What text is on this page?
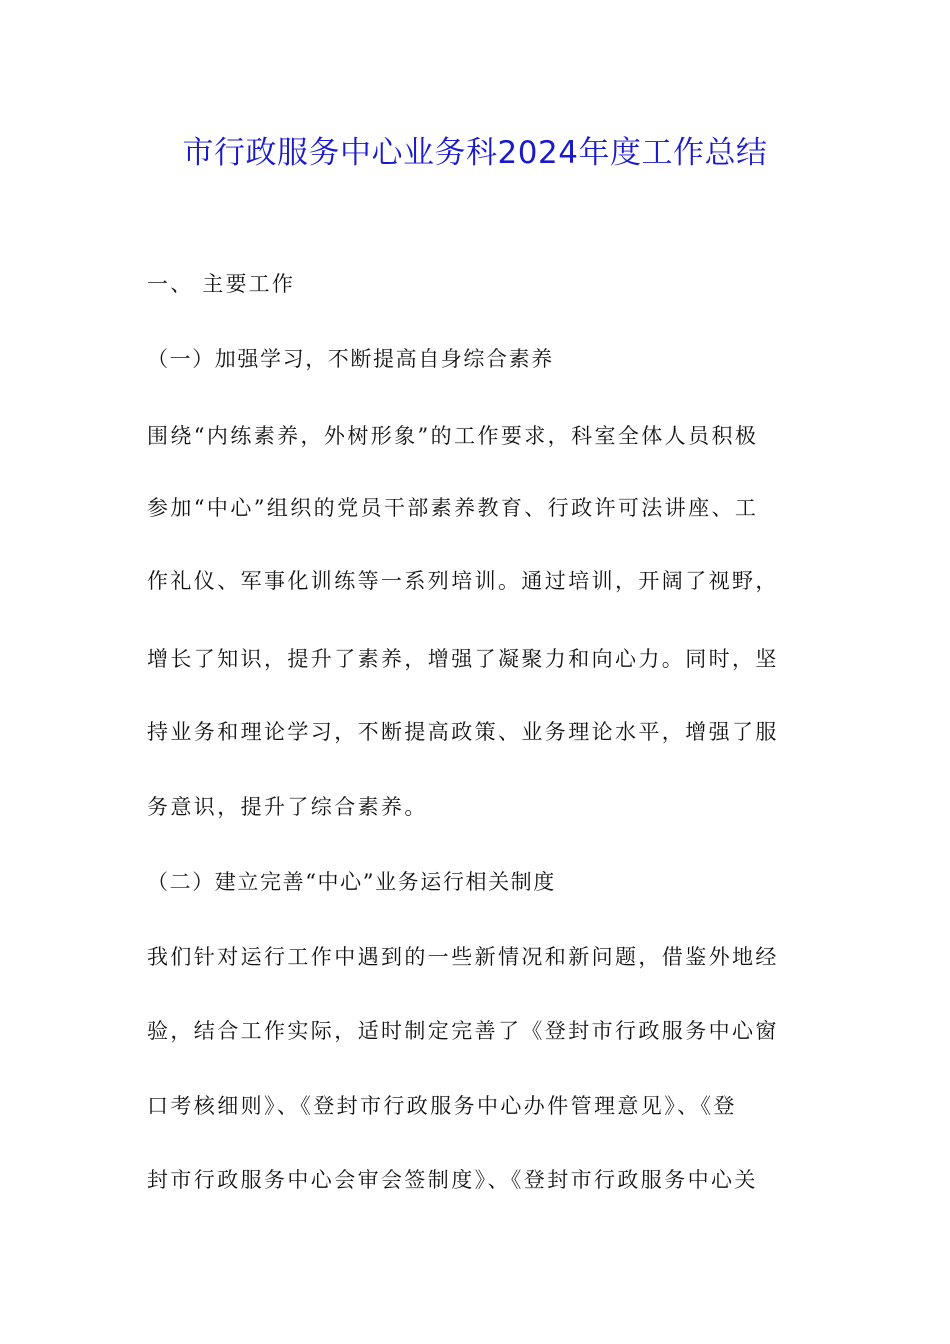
市行政服务中心业务科2024年度工作总结
一、 主要工作
（一）加强学习，不断提高自身综合素养
围绕“内练素养，外树形象”的工作要求，科室全体人员积极
参加“中心”组织的党员干部素养教育、行政许可法讲座、工
作礼仪、军事化训练等一系列培训。通过培训，开阔了视野，
增长了知识，提升了素养，增强了凝聚力和向心力。同时，坚
持业务和理论学习，不断提高政策、业务理论水平，增强了服
务意识，提升了综合素养。
（二）建立完善“中心”业务运行相关制度
我们针对运行工作中遇到的一些新情况和新问题，借鉴外地经
验，结合工作实际，适时制定完善了《登封市行政服务中心窗
口考核细则》、《登封市行政服务中心办件管理意见》、《登
封市行政服务中心会审会签制度》、《登封市行政服务中心关
